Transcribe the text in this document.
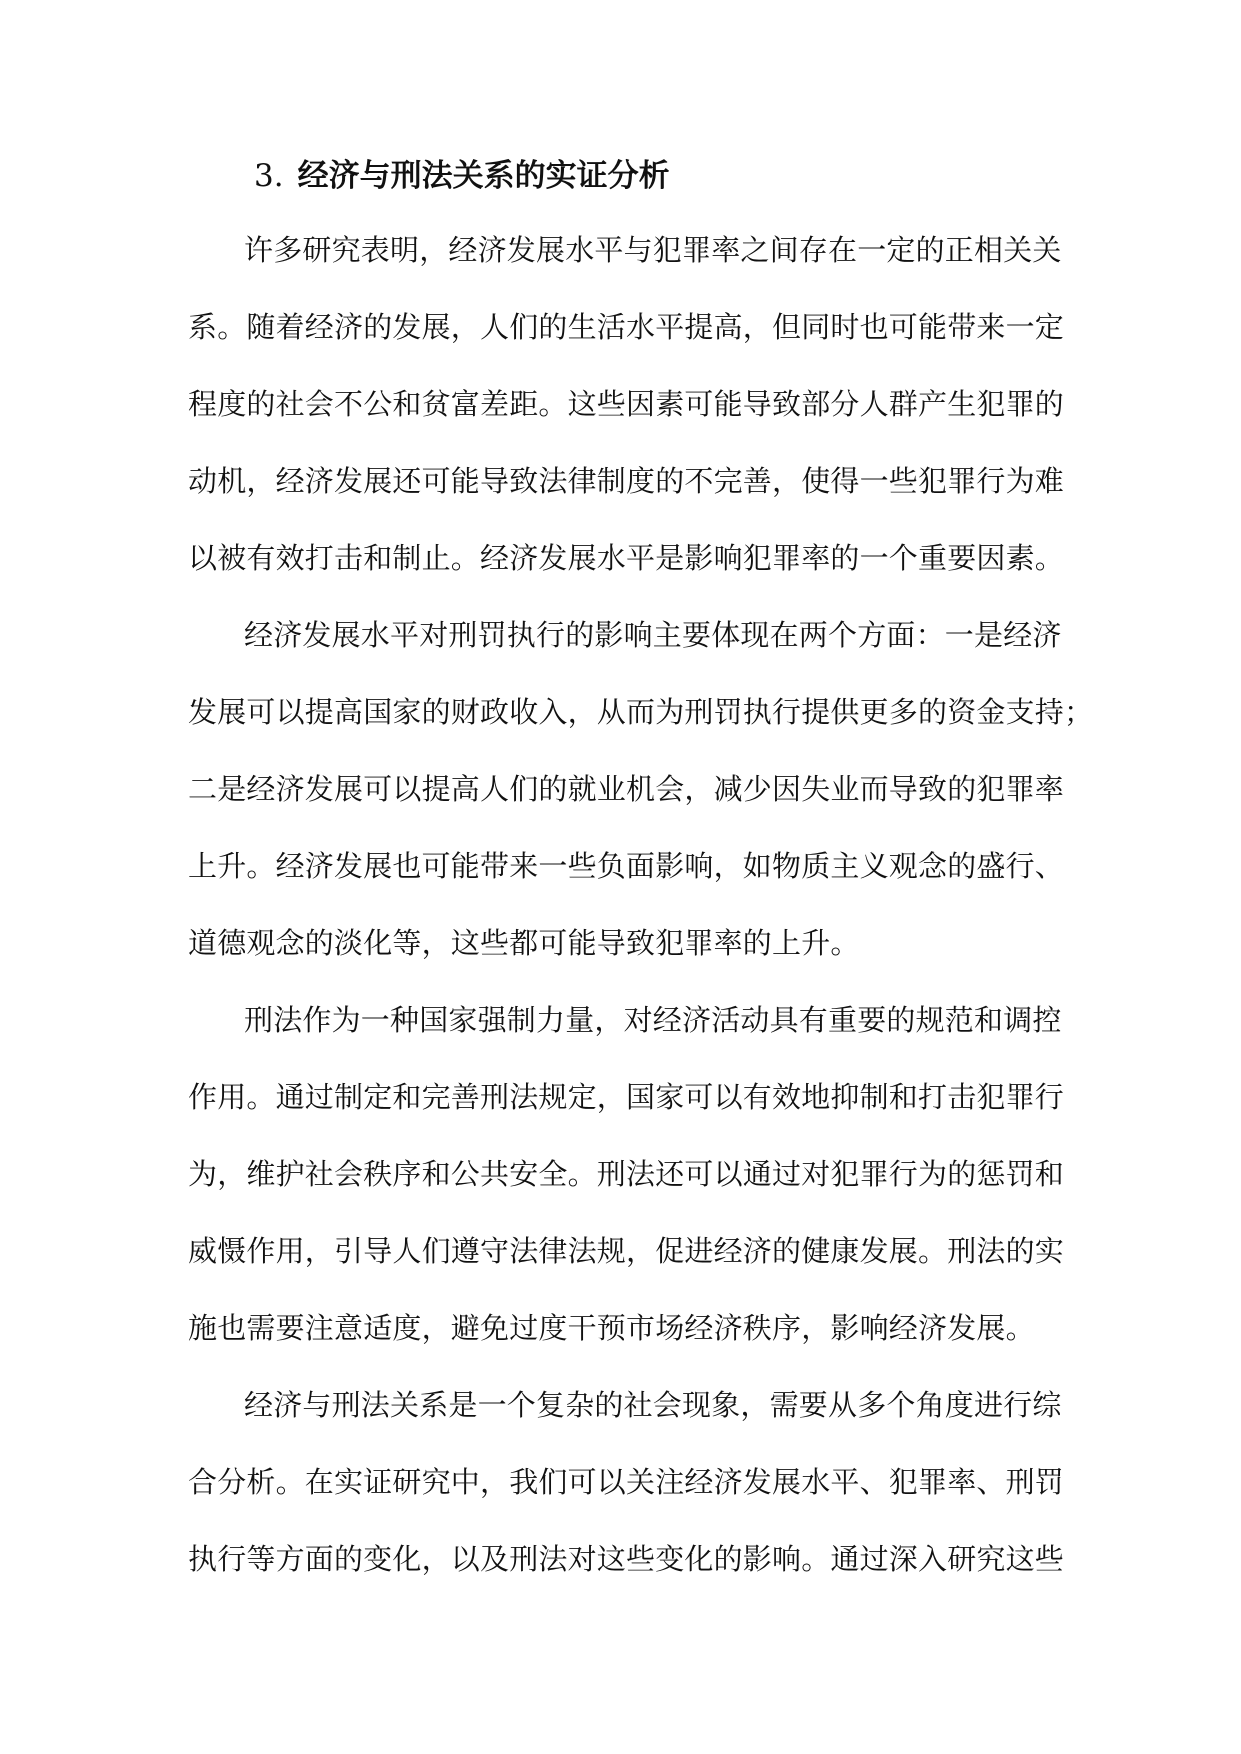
3. 经济与刑法关系的实证分析
许多研究表明，经济发展水平与犯罪率之间存在一定的正相关关
系。随着经济的发展，人们的生活水平提高，但同时也可能带来一定
程度的社会不公和贫富差距。这些因素可能导致部分人群产生犯罪的
动机，经济发展还可能导致法律制度的不完善，使得一些犯罪行为难
以被有效打击和制止。经济发展水平是影响犯罪率的一个重要因素。
经济发展水平对刑罚执行的影响主要体现在两个方面：一是经济
发展可以提高国家的财政收入，从而为刑罚执行提供更多的资金支持；
二是经济发展可以提高人们的就业机会，减少因失业而导致的犯罪率
上升。经济发展也可能带来一些负面影响，如物质主义观念的盛行、
道德观念的淡化等，这些都可能导致犯罪率的上升。
刑法作为一种国家强制力量，对经济活动具有重要的规范和调控
作用。通过制定和完善刑法规定，国家可以有效地抑制和打击犯罪行
为，维护社会秩序和公共安全。刑法还可以通过对犯罪行为的惩罚和
威慑作用，引导人们遵守法律法规，促进经济的健康发展。刑法的实
施也需要注意适度，避免过度干预市场经济秩序，影响经济发展。
经济与刑法关系是一个复杂的社会现象，需要从多个角度进行综
合分析。在实证研究中，我们可以关注经济发展水平、犯罪率、刑罚
执行等方面的变化，以及刑法对这些变化的影响。通过深入研究这些
